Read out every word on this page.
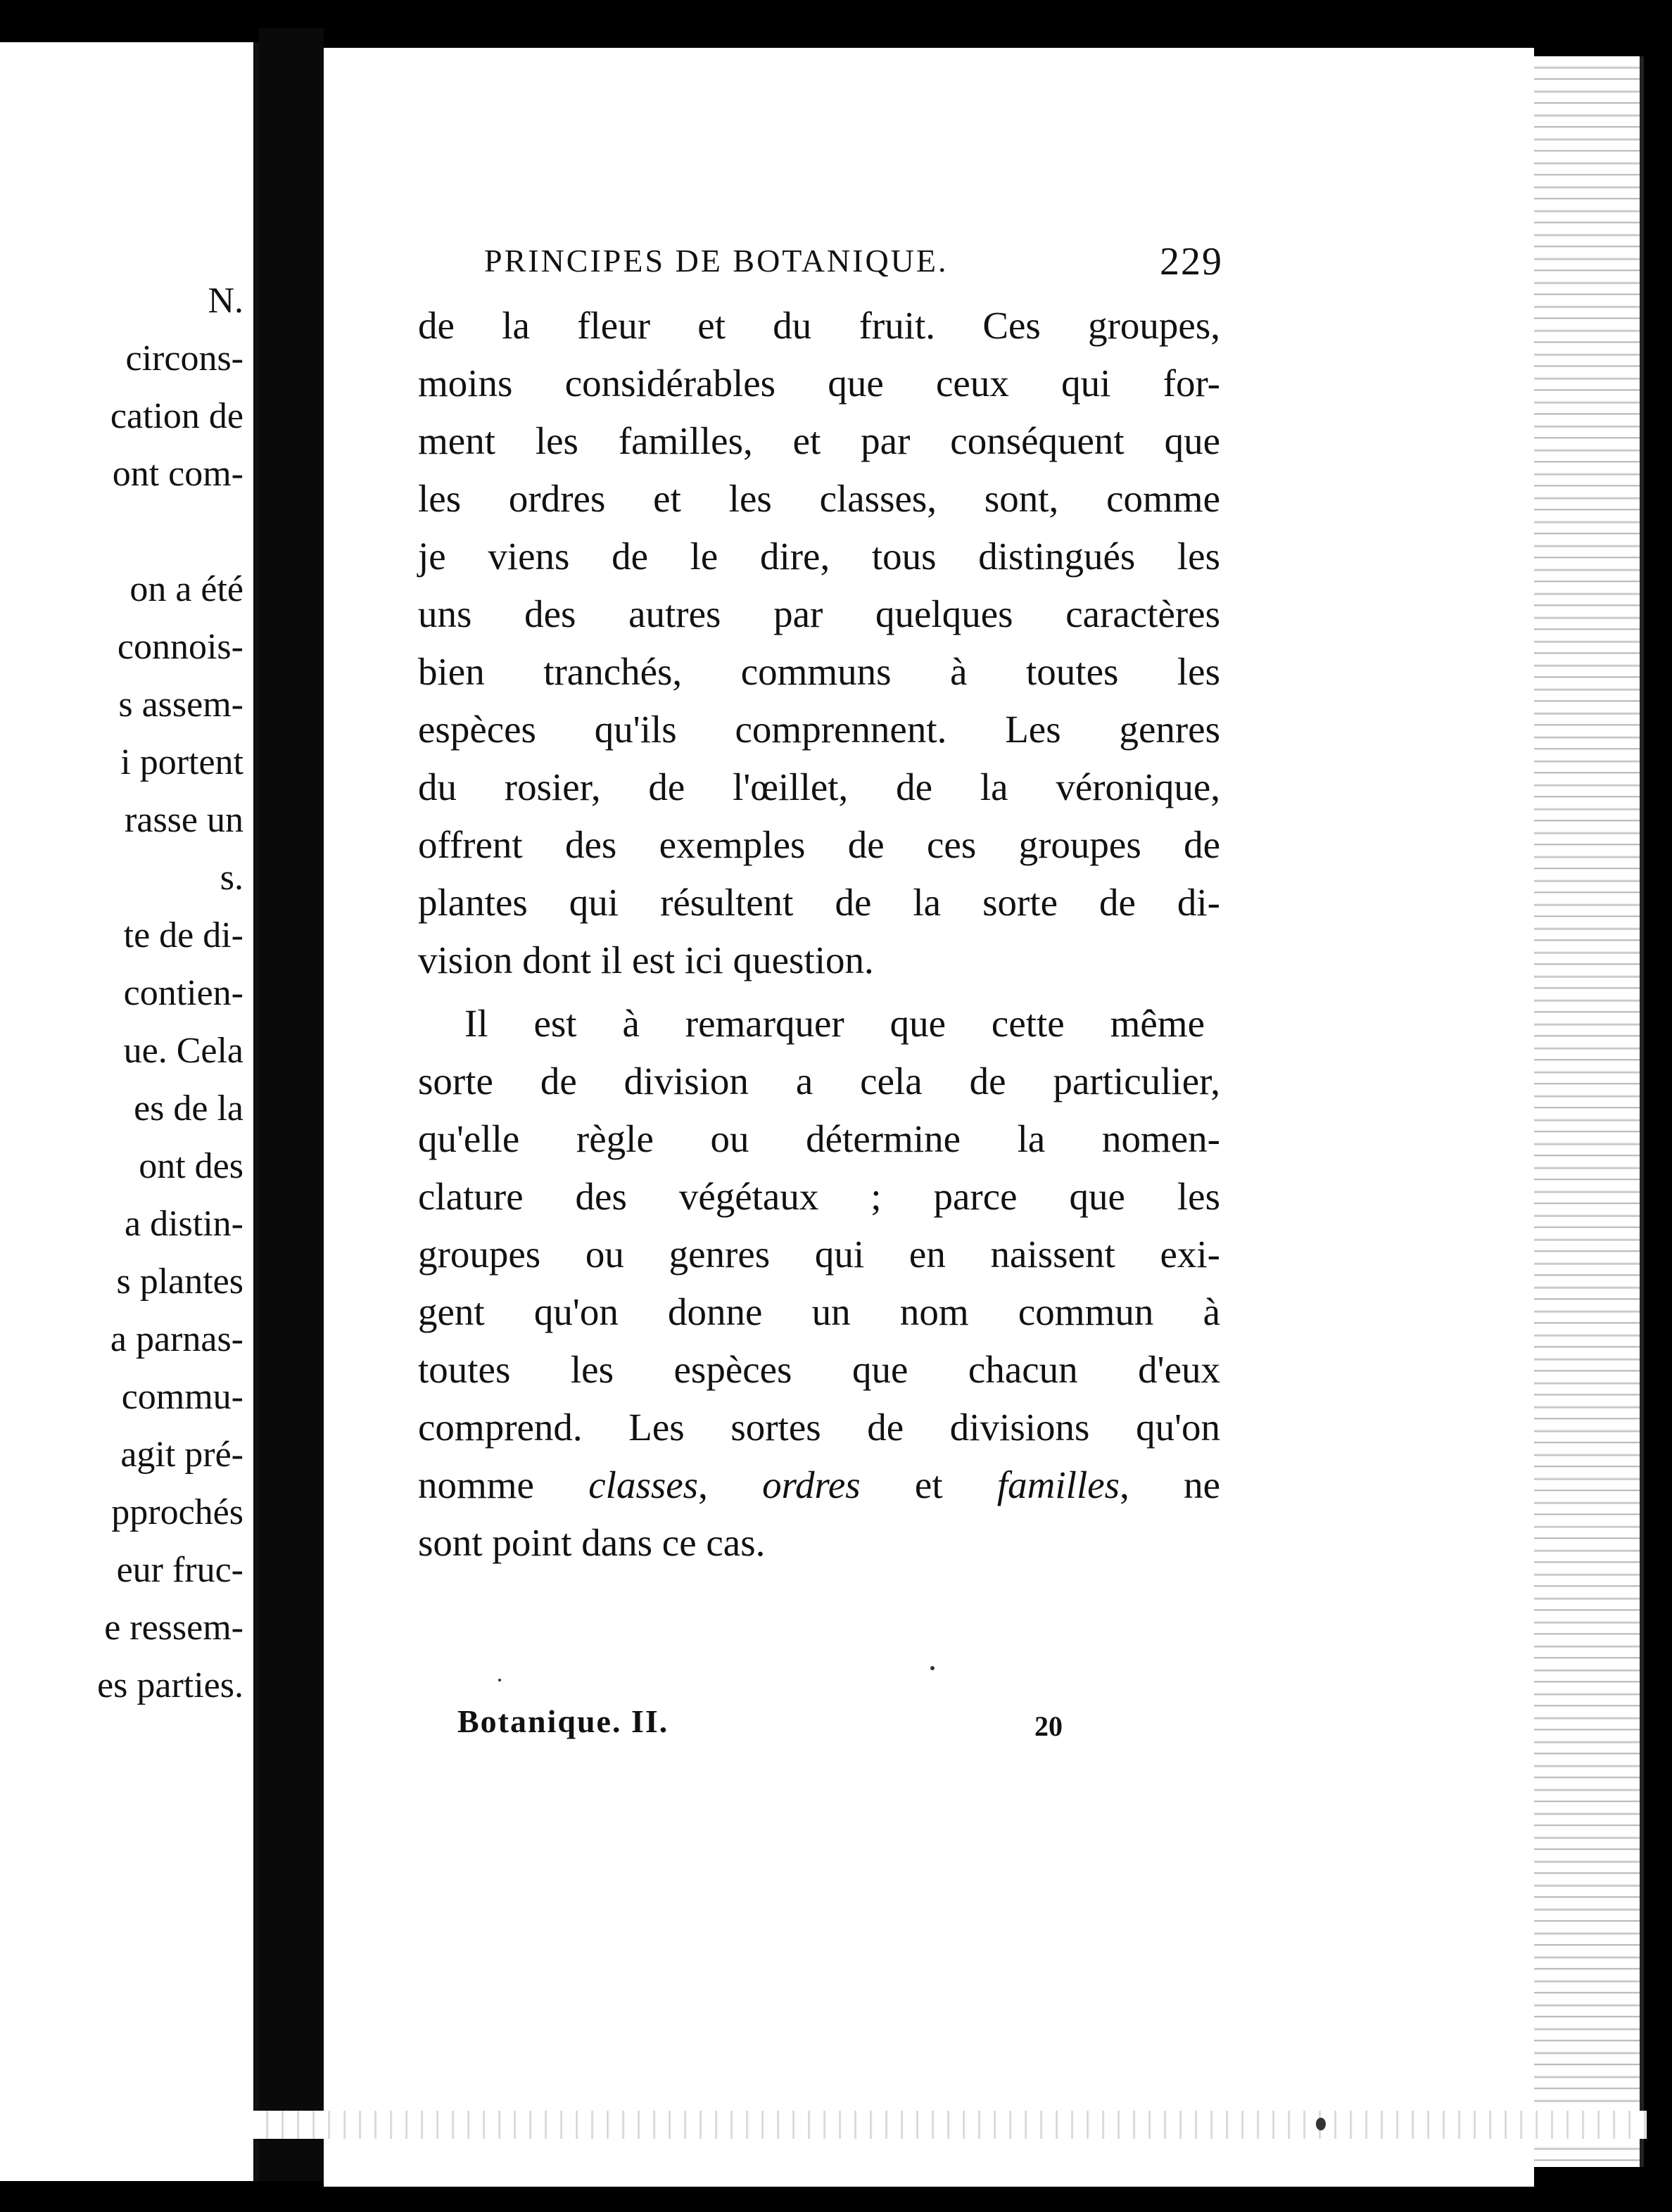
N.
circons-
cation de
ont com-
on a été
connois-
s assem-
i portent
rasse un
s.
te de di-
contien-
ue. Cela
es de la
ont des
a distin-
s plantes
a parnas-
commu-
agit pré-
pprochés
eur fruc-
e ressem-
es parties.
PRINCIPES DE BOTANIQUE.	229
de la fleur et du fruit. Ces groupes,
moins considérables que ceux qui for-
ment les familles, et par conséquent que
les ordres et les classes, sont, comme
je viens de le dire, tous distingués les
uns des autres par quelques caractères
bien tranchés, communs à toutes les
espèces qu'ils comprennent. Les genres
du rosier, de l'œillet, de la véronique,
offrent des exemples de ces groupes de
plantes qui résultent de la sorte de di-
vision dont il est ici question.
Il est à remarquer que cette même
sorte de division a cela de particulier,
qu'elle règle ou détermine la nomen-
clature des végétaux ; parce que les
groupes ou genres qui en naissent exi-
gent qu'on donne un nom commun à
toutes les espèces que chacun d'eux
comprend. Les sortes de divisions qu'on
nomme classes, ordres et familles, ne
sont point dans ce cas.
Botanique. II.	20
